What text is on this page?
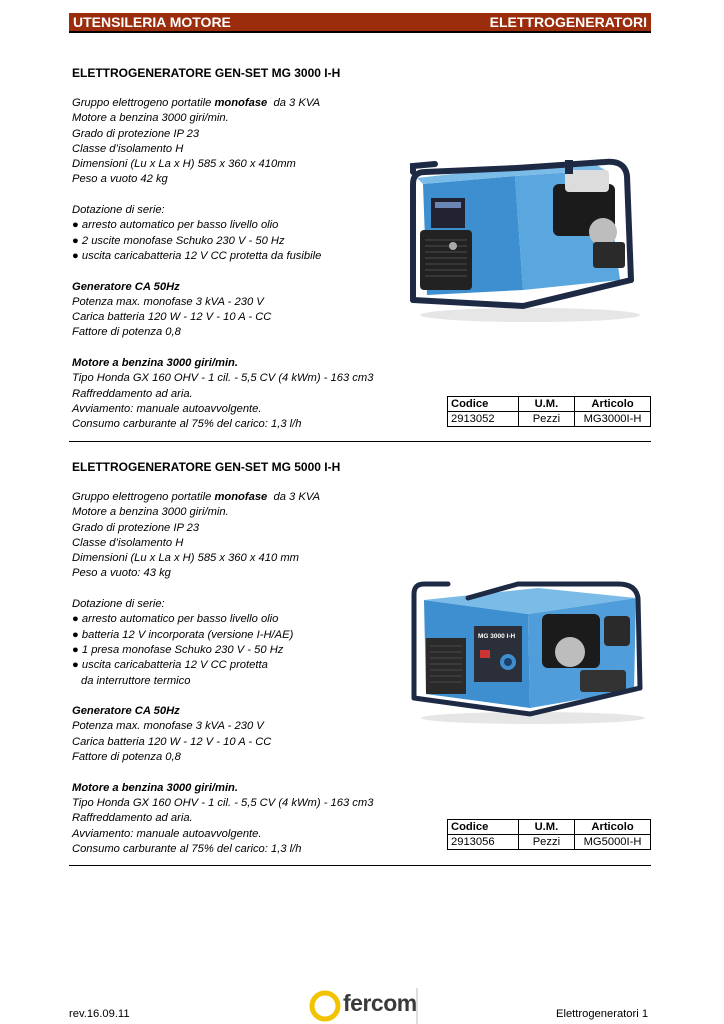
UTENSILERIA MOTORE	ELETTROGENERATORI
ELETTROGENERATORE GEN-SET MG 3000 I-H
Gruppo elettrogeno portatile monofase  da 3 KVA
Motore a benzina 3000 giri/min.
Grado di protezione IP 23
Classe d’isolamento H
Dimensioni (Lu x La x H) 585 x 360 x 410mm
Peso a vuoto 42 kg
Dotazione di serie:
● arresto automatico per basso livello olio
● 2 uscite monofase Schuko 230 V - 50 Hz
● uscita caricabatteria 12 V CC protetta da fusibile
Generatore CA 50Hz
Potenza max. monofase 3 kVA - 230 V
Carica batteria 120 W - 12 V - 10 A - CC
Fattore di potenza 0,8
Motore a benzina 3000 giri/min.
Tipo Honda GX 160 OHV - 1 cil. - 5,5 CV (4 kWm) - 163 cm3
Raffreddamento ad aria.
Avviamento: manuale autoavvolgente.
Consumo carburante al 75% del carico: 1,3 l/h
Codice	U.M.	Articolo
2913052	Pezzi	MG3000I-H
ELETTROGENERATORE GEN-SET MG 5000 I-H
Gruppo elettrogeno portatile monofase  da 3 KVA
Motore a benzina 3000 giri/min.
Grado di protezione IP 23
Classe d’isolamento H
Dimensioni (Lu x La x H) 585 x 360 x 410 mm
Peso a vuoto: 43 kg
Dotazione di serie:
● arresto automatico per basso livello olio
● batteria 12 V incorporata (versione I-H/AE)
● 1 presa monofase Schuko 230 V - 50 Hz
● uscita caricabatteria 12 V CC protetta
da interruttore termico
Generatore CA 50Hz
Potenza max. monofase 3 kVA - 230 V
Carica batteria 120 W - 12 V - 10 A - CC
Fattore di potenza 0,8
Motore a benzina 3000 giri/min.
Tipo Honda GX 160 OHV - 1 cil. - 5,5 CV (4 kWm) - 163 cm3
Raffreddamento ad aria.
Avviamento: manuale autoavvolgente.
Consumo carburante al 75% del carico: 1,3 l/h
Codice	U.M.	Articolo
2913056	Pezzi	MG5000I-H
MG 3000 I-H
rev.16.09.11	Elettrogeneratori 1
fercom
